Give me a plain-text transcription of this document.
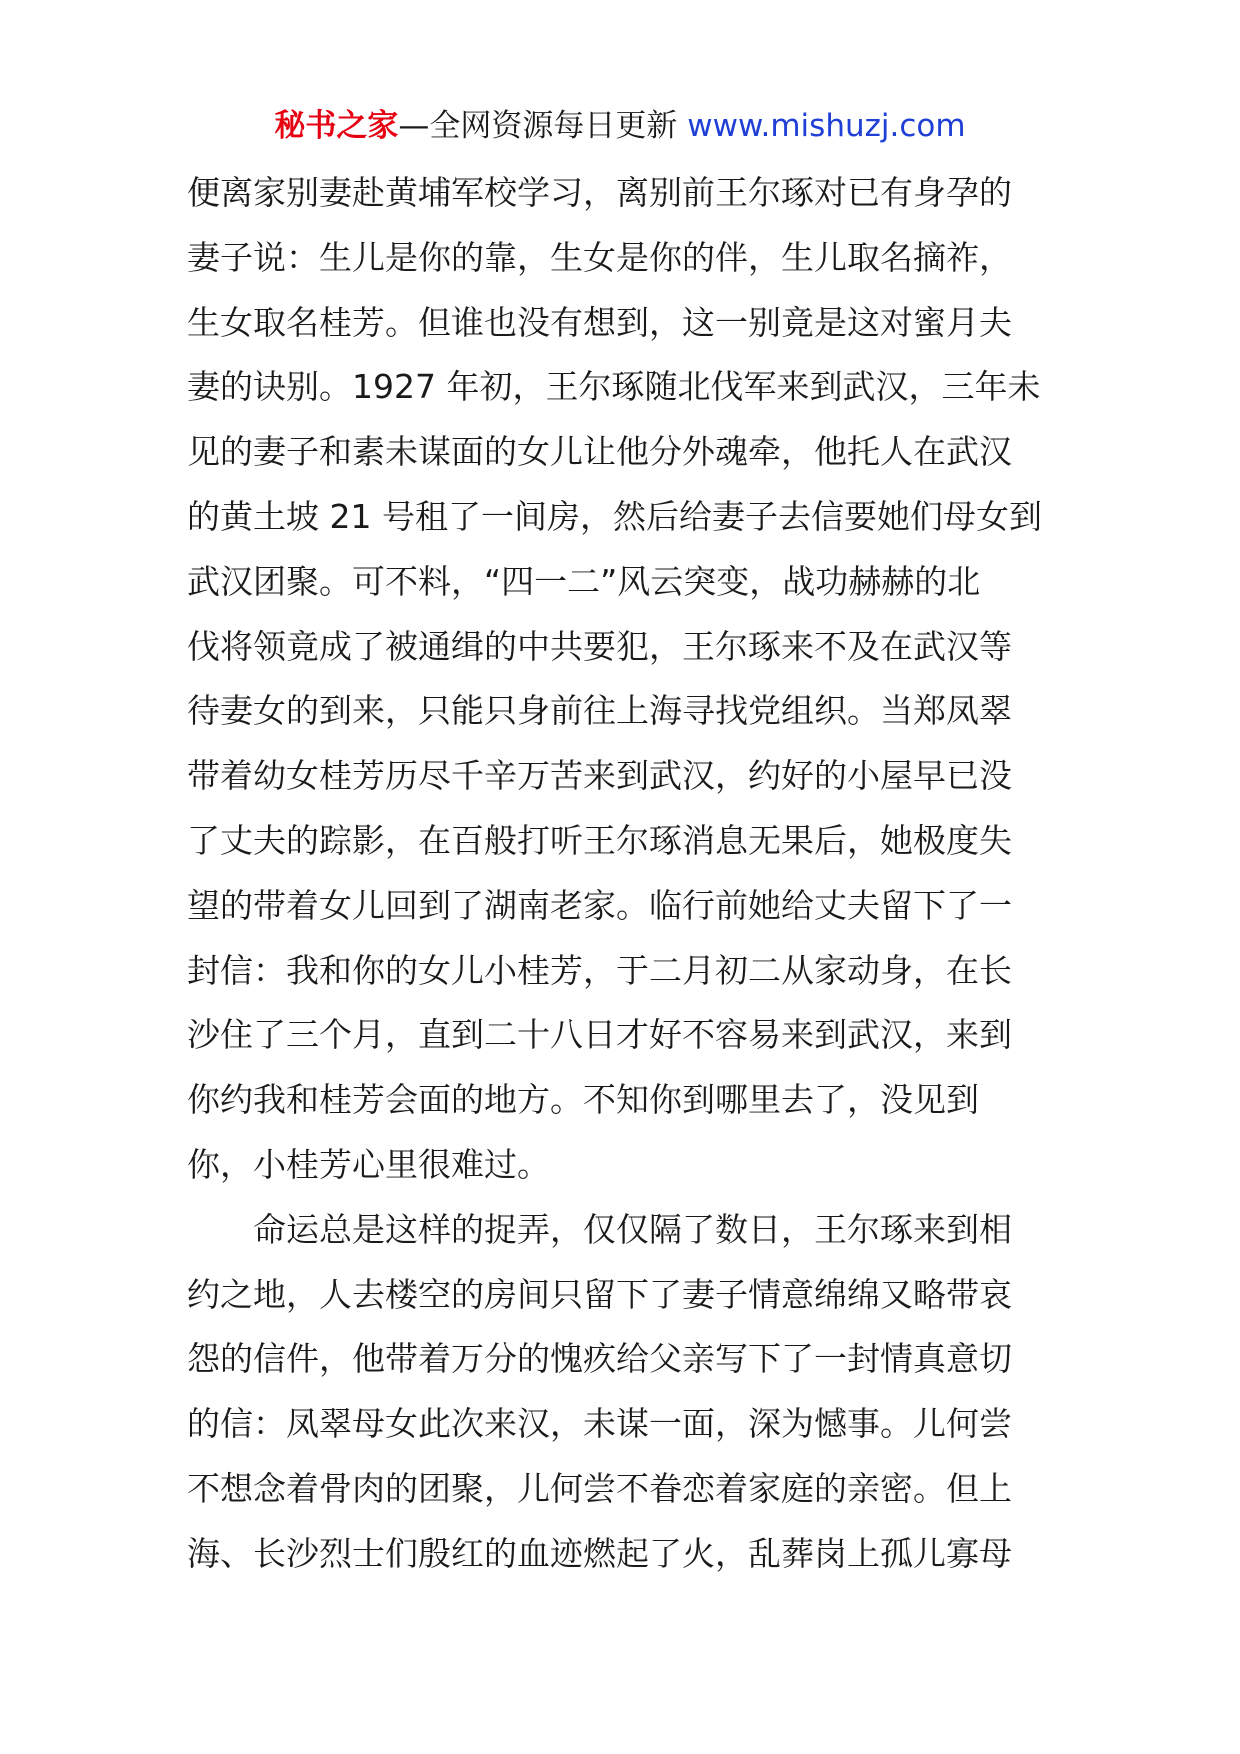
秘书之家—全网资源每日更新 www.mishuzj.com
便离家别妻赴黄埔军校学习，离别前王尔琢对已有身孕的
妻子说：生儿是你的靠，生女是你的伴，生儿取名摘祚，
生女取名桂芳。但谁也没有想到，这一别竟是这对蜜月夫
妻的诀别。1927 年初，王尔琢随北伐军来到武汉，三年未
见的妻子和素未谋面的女儿让他分外魂牵，他托人在武汉
的黄土坡 21 号租了一间房，然后给妻子去信要她们母女到
武汉团聚。可不料，“四一二”风云突变，战功赫赫的北
伐将领竟成了被通缉的中共要犯，王尔琢来不及在武汉等
待妻女的到来，只能只身前往上海寻找党组织。当郑凤翠
带着幼女桂芳历尽千辛万苦来到武汉，约好的小屋早已没
了丈夫的踪影，在百般打听王尔琢消息无果后，她极度失
望的带着女儿回到了湖南老家。临行前她给丈夫留下了一
封信：我和你的女儿小桂芳，于二月初二从家动身，在长
沙住了三个月，直到二十八日才好不容易来到武汉，来到
你约我和桂芳会面的地方。不知你到哪里去了，没见到
你，小桂芳心里很难过。
命运总是这样的捉弄，仅仅隔了数日，王尔琢来到相
约之地，人去楼空的房间只留下了妻子情意绵绵又略带哀
怨的信件，他带着万分的愧疚给父亲写下了一封情真意切
的信：凤翠母女此次来汉，未谋一面，深为憾事。儿何尝
不想念着骨肉的团聚，儿何尝不眷恋着家庭的亲密。但上
海、长沙烈士们殷红的血迹燃起了火，乱葬岗上孤儿寡母
